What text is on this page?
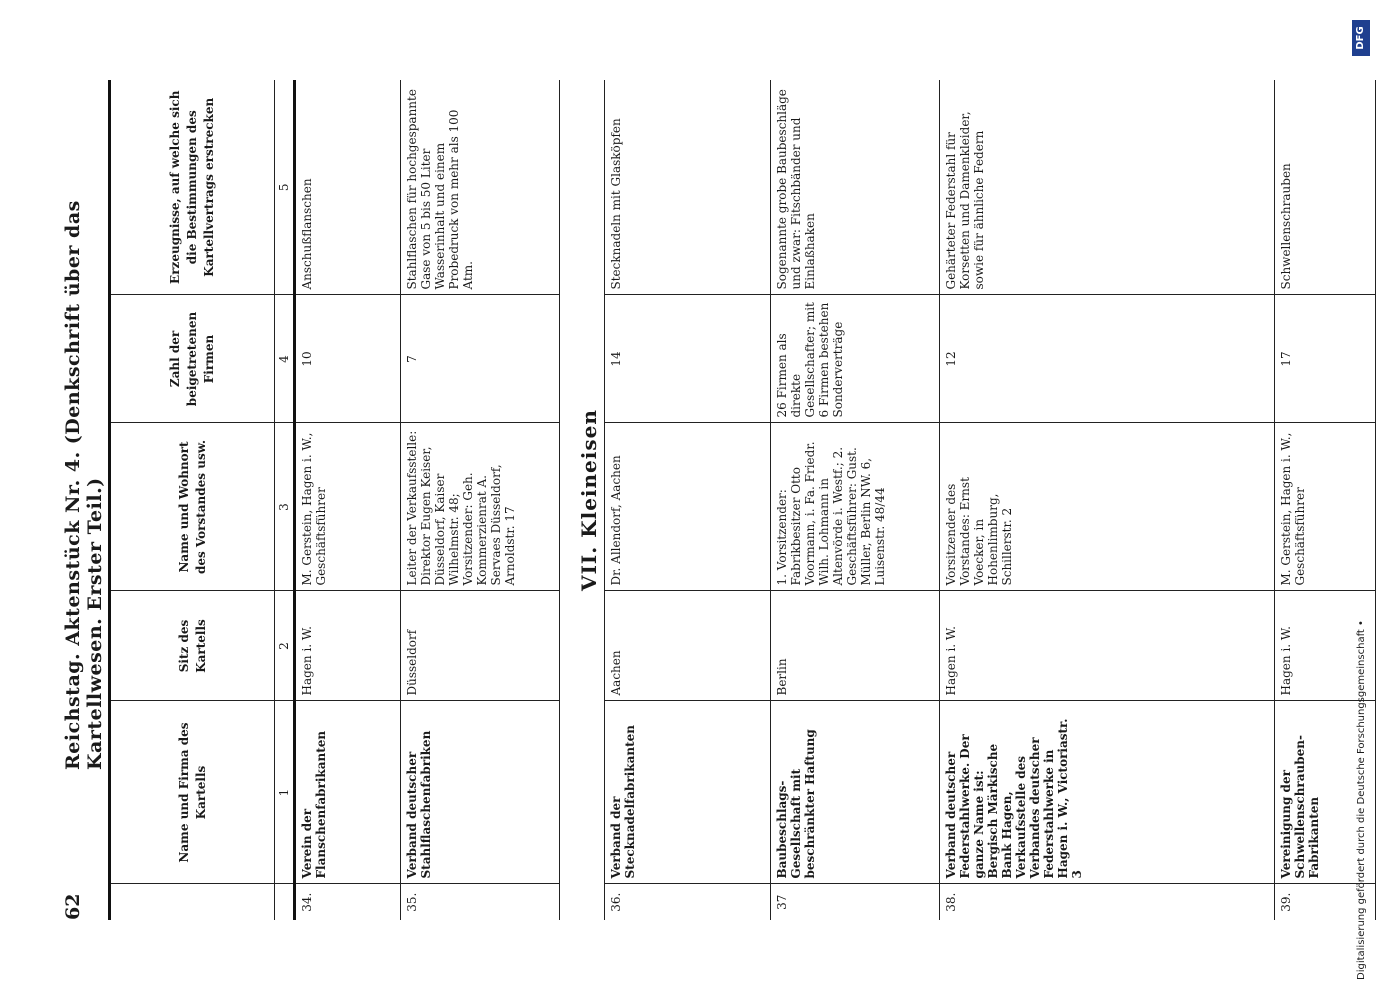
62
Reichstag. Aktenstück Nr. 4. (Denkschrift über das Kartellwesen. Erster Teil.)
	Name und Firma des Kartells	Sitz des Kartells	Name und Wohnort des Vorstandes usw.	Zahl der beigetretenen Firmen	Erzeugnisse, auf welche sich die Bestimmungen des Kartellvertrags erstrecken
	1	2	3	4	5
34.	Verein der Flanschenfabrikanten	Hagen i. W.	M. Gerstein, Hagen i. W., Geschäftsführer	10	Anschußflanschen
35.	Verband deutscher Stahlflaschenfabriken	Düsseldorf	Leiter der Verkaufsstelle: Direktor Eugen Keiser, Düsseldorf, Kaiser Wilhelmstr. 48; Vorsitzender: Geh. Kommerzienrat A. Servaes Düsseldorf, Arnoldstr. 17	7	Stahlflaschen für hochgespannte Gase von 5 bis 50 Liter Wasserinhalt und einem Probedruck von mehr als 100 Atm.

VII. Kleineisen					

36.	Verband der Stecknadelfabrikanten	Aachen	Dr. Allendorf, Aachen	14	Stecknadeln mit Glasköpfen
37	Baubeschlags-Gesellschaft mit beschränkter Haftung	Berlin	1. Vorsitzender: Fabrikbesitzer Otto Voormann, i. Fa. Friedr. Wilh. Lohmann in Altenvörde i. Westf.; 2. Geschäftsführer: Gust. Müller, Berlin NW. 6, Luisenstr. 48/44	26 Firmen als direkte Gesellschafter; mit 6 Firmen bestehen Sonderverträge	Sogenannte grobe Baubeschläge und zwar: Fitschbänder und Einlaßhaken
38.	Verband deutscher Federstahlwerke. Der ganze Name ist: Bergisch Märkische Bank Hagen, Verkaufsstelle des Verbandes deutscher Federstahlwerke in Hagen i. W., Victoriastr. 3	Hagen i. W.	Vorsitzender des Vorstandes: Ernst Voecker, in Hohenlimburg, Schillerstr. 2	12	Gehärteter Federstahl für Korsetten und Damenkleider, sowie für ähnliche Federn
39.	Vereinigung der Schwellenschrauben-Fabrikanten	Hagen i. W.	M. Gerstein, Hagen i. W., Geschäftsführer	17	Schwellenschrauben
Digitalisierung gefördert durch die Deutsche Forschungsgemeinschaft •
DFG
